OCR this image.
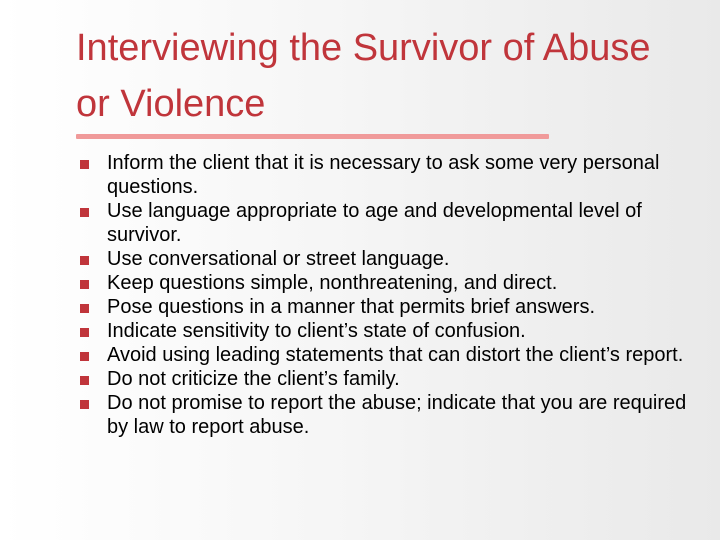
Interviewing the Survivor of Abuse or Violence
Inform the client that it is necessary to ask some very personal questions.
Use language appropriate to age and developmental level of survivor.
Use conversational or street language.
Keep questions simple, nonthreatening, and direct.
Pose questions in a manner that permits brief answers.
Indicate sensitivity to client’s state of confusion.
Avoid using leading statements that can distort the client’s report.
Do not criticize the client’s family.
Do not promise to report the abuse; indicate that you are required by law to report abuse.
